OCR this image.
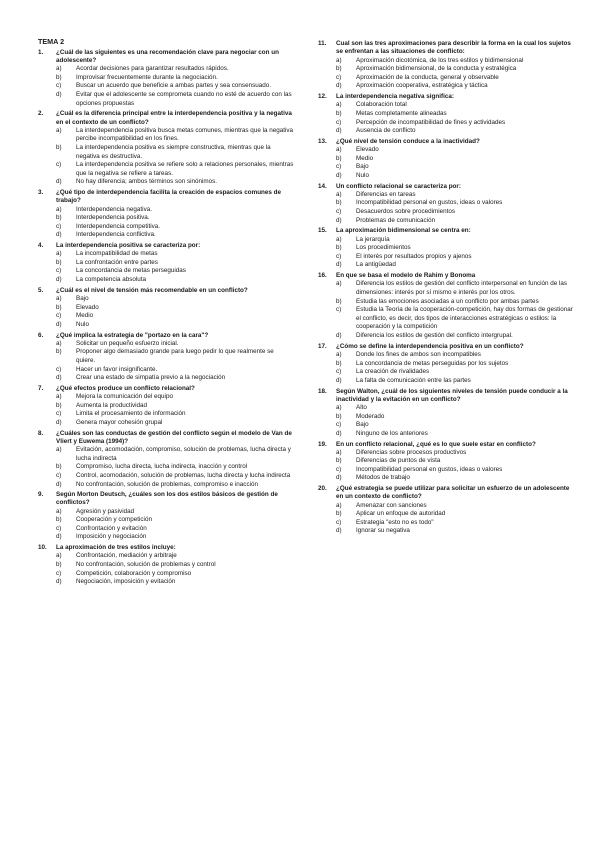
TEMA 2
1.	¿Cuál de las siguientes es una recomendación clave para negociar con un adolescente?
a)	Acordar decisiones para garantizar resultados rápidos.
b)	Improvisar frecuentemente durante la negociación.
c)	Buscar un acuerdo que beneficie a ambas partes y sea consensuado.
d)	Evitar que el adolescente se comprometa cuando no esté de acuerdo con las opciones propuestas
2.	¿Cuál es la diferencia principal entre la interdependencia positiva y la negativa en el contexto de un conflicto?
a)	La interdependencia positiva busca metas comunes, mientras que la negativa percibe incompatibilidad en los fines.
b)	La interdependencia positiva es siempre constructiva, mientras que la negativa es destructiva.
c)	La interdependencia positiva se refiere solo a relaciones personales, mientras que la negativa se refiere a tareas.
d)	No hay diferencia; ambos términos son sinónimos.
3.	¿Qué tipo de interdependencia facilita la creación de espacios comunes de trabajo?
a)	Interdependencia negativa.
b)	Interdependencia positiva.
c)	Interdependencia competitiva.
d)	Interdependencia conflictiva.
4.	La interdependencia positiva se caracteriza por:
a)	La incompatibilidad de metas
b)	La confrontación entre partes
c)	La concordancia de metas perseguidas
d)	La competencia absoluta
5.	¿Cuál es el nivel de tensión más recomendable en un conflicto?
a)	Bajo
b)	Elevado
c)	Medio
d)	Nulo
6.	¿Qué implica la estrategia de "portazo en la cara"?
a)	Solicitar un pequeño esfuerzo inicial.
b)	Proponer algo demasiado grande para luego pedir lo que realmente se quiere.
c)	Hacer un favor insignificante.
d)	Crear una estado de simpatía previo a la negociación
7.	¿Qué efectos produce un conflicto relacional?
a)	Mejora la comunicación del equipo
b)	Aumenta la productividad
c)	Limita el procesamiento de información
d)	Genera mayor cohesión grupal
8.	¿Cuáles son las conductas de gestión del conflicto según el modelo de Van de Vliert y Euwema (1994)?
a)	Evitación, acomodación, compromiso, solución de problemas, lucha directa y lucha indirecta
b)	Compromiso, lucha directa, lucha indirecta, inacción y control
c)	Control, acomodación, solución de problemas, lucha directa y lucha indirecta
d)	No confrontación, solución de problemas, compromiso e inacción
9.	Según Morton Deutsch, ¿cuáles son los dos estilos básicos de gestión de conflictos?
a)	Agresión y pasividad
b)	Cooperación y competición
c)	Confrontación y evitación
d)	Imposición y negociación
10.	La aproximación de tres estilos incluye:
a)	Confrontación, mediación y arbitraje
b)	No confrontación, solución de problemas y control
c)	Competición, colaboración y compromiso
d)	Negociación, imposición y evitación
11.	Cual son las tres aproximaciones para describir la forma en la cual los sujetos se enfrentan a las situaciones de conflicto:
a)	Aproximación dicotómica, de los tres estilos y bidimensional
b)	Aproximación bidimensional, de la conducta y estratégica
c)	Aproximación de la conducta, general y observable
d)	Aproximación cooperativa, estratégica y táctica
12.	La interdependencia negativa significa:
a)	Colaboración total
b)	Metas completamente alineadas
c)	Percepción de incompatibilidad de fines y actividades
d)	Ausencia de conflicto
13.	¿Qué nivel de tensión conduce a la inactividad?
a)	Elevado
b)	Medio
c)	Bajo
d)	Nulo
14.	Un conflicto relacional se caracteriza por:
a)	Diferencias en tareas
b)	Incompatibilidad personal en gustos, ideas o valores
c)	Desacuerdos sobre procedimientos
d)	Problemas de comunicación
15.	La aproximación bidimensional se centra en:
a)	La jerarquía
b)	Los procedimientos
c)	El interés por resultados propios y ajenos
d)	La antigüedad
16.	En que se basa el modelo de Rahim y Bonoma
a)	Diferencia los estilos de gestión del conflicto interpersonal en función de las dimensiones: interés por sí mismo e interés por los otros.
b)	Estudia las emociones asociadas a un conflicto por ambas partes
c)	Estudia la Teoría de la cooperación-competición, hay dos formas de gestionar el conflicto, es decir, dos tipos de interacciones estratégicas o estilos: la cooperación y la competición
d)	Diferencia los estilos de gestión del conflicto intergrupal.
17.	¿Cómo se define la interdependencia positiva en un conflicto?
a)	Donde los fines de ambos son incompatibles
b)	La concordancia de metas perseguidas por los sujetos
c)	La creación de rivalidades
d)	La falta de comunicación entre las partes
18.	Según Walton, ¿cuál de los siguientes niveles de tensión puede conducir a la inactividad y la evitación en un conflicto?
a)	Alto
b)	Moderado
c)	Bajo
d)	Ninguno de los anteriores
19.	En un conflicto relacional, ¿qué es lo que suele estar en conflicto?
a)	Diferencias sobre procesos productivos
b)	Diferencias de puntos de vista
c)	Incompatibilidad personal en gustos, ideas o valores
d)	Métodos de trabajo
20.	¿Qué estrategia se puede utilizar para solicitar un esfuerzo de un adolescente en un contexto de conflicto?
a)	Amenazar con sanciones
b)	Aplicar un enfoque de autoridad
c)	Estrategia "esto no es todo"
d)	Ignorar su negativa
